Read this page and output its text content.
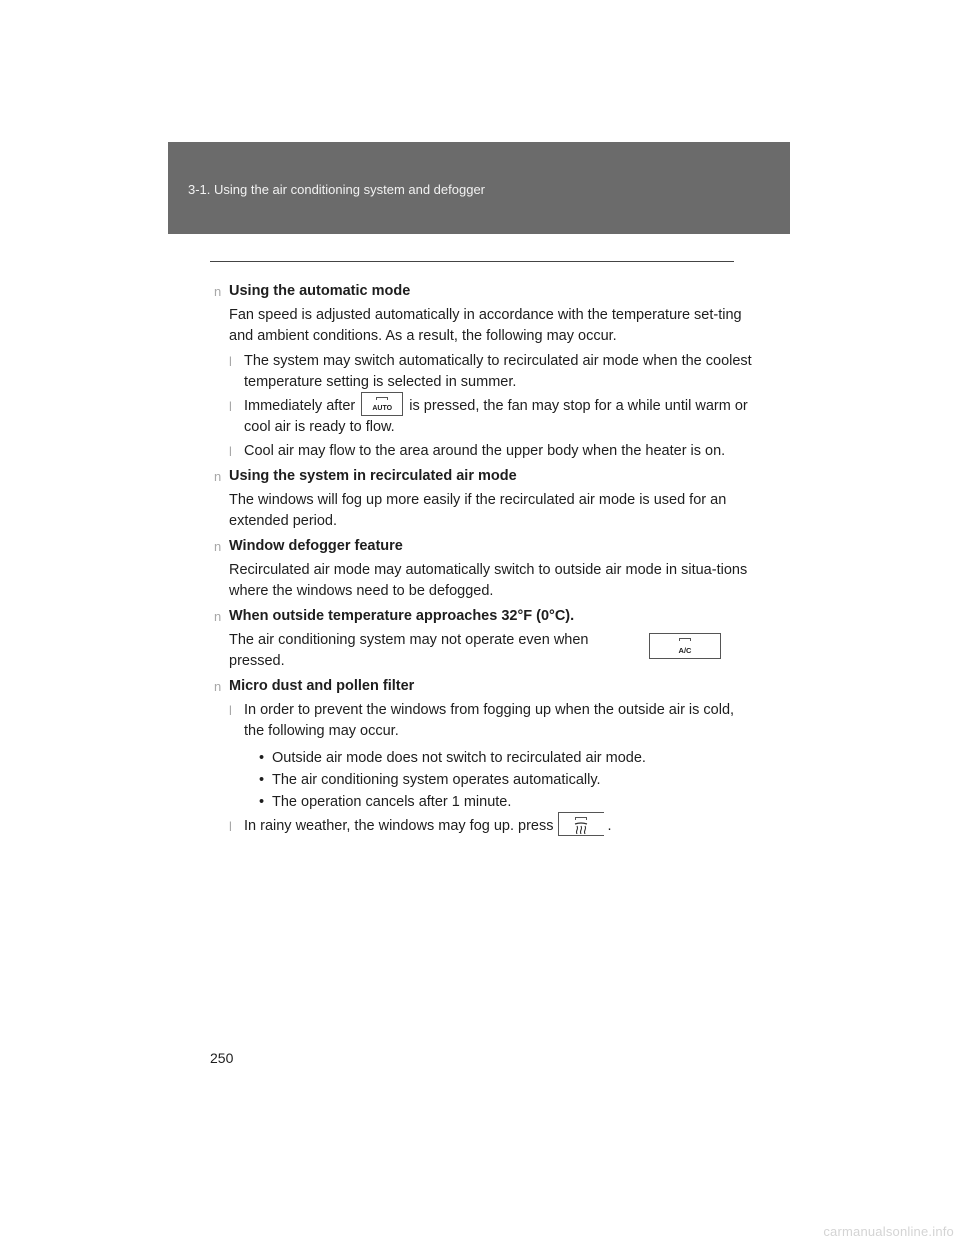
3‑1. Using the air conditioning system and defogger
n Using the automatic mode
Fan speed is adjusted automatically in accordance with the temperature set‑ting and ambient conditions. As a result, the following may occur.
l The system may switch automatically to recirculated air mode when the coolest temperature setting is selected in summer.
l Immediately after	AUTO	is pressed, the fan may stop for a while until warm or cool air is ready to flow.
l Cool air may flow to the area around the upper body when the heater is on.
n Using the system in recirculated air mode
The windows will fog up more easily if the recirculated air mode is used for an extended period.
n Window defogger feature
Recirculated air mode may automatically switch to outside air mode in situa‑tions where the windows need to be defogged.
n When outside temperature approaches 32°F (0°C).
The air conditioning system may not operate even when pressed.
A/C
n Micro dust and pollen filter
l In order to prevent the windows from fogging up when the outside air is cold, the following may occur.
• Outside air mode does not switch to recirculated air mode.
• The air conditioning system operates automatically.
• The operation cancels after 1 minute.
l In rainy weather, the windows may fog up. press	.
250
carmanualsonline.info
